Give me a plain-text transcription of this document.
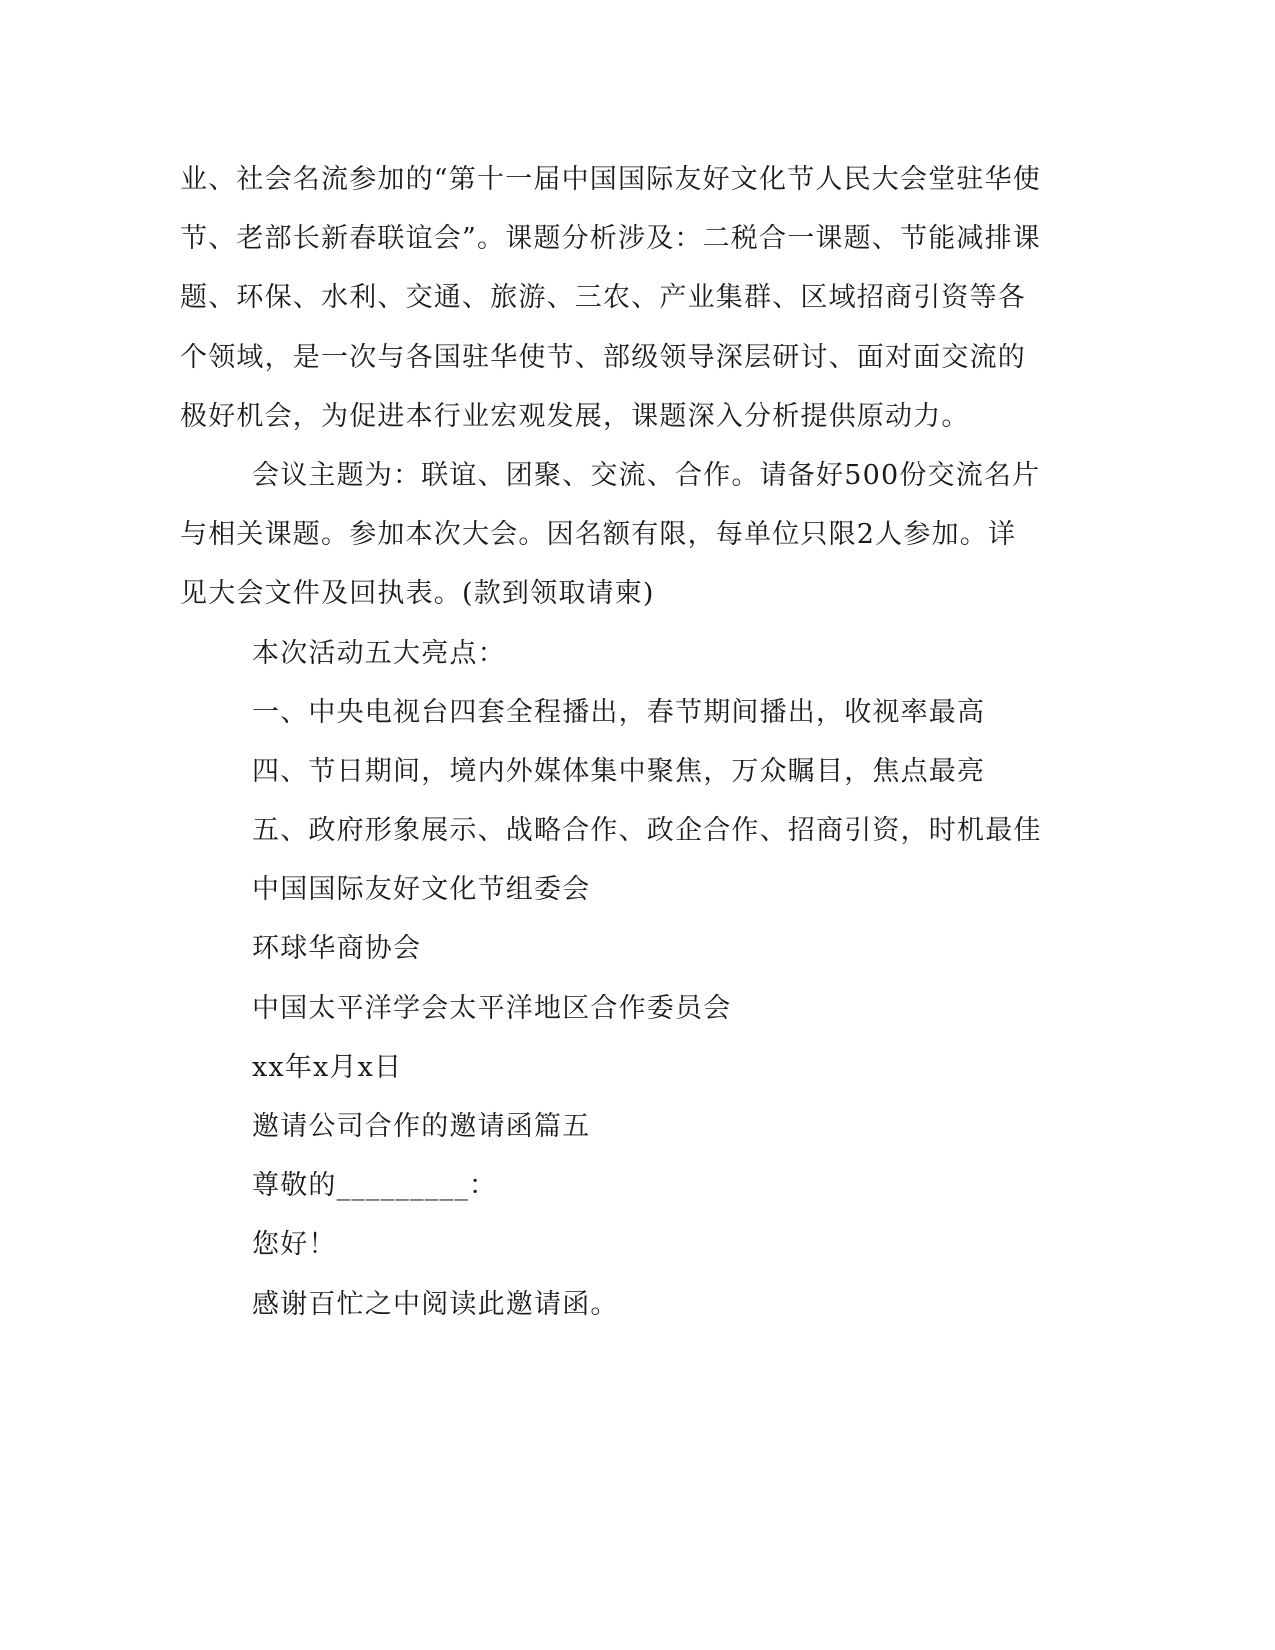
业、社会名流参加的“第十一届中国国际友好文化节人民大会堂驻华使
节、老部长新春联谊会”。课题分析涉及：二税合一课题、节能减排课
题、环保、水利、交通、旅游、三农、产业集群、区域招商引资等各
个领域，是一次与各国驻华使节、部级领导深层研讨、面对面交流的
极好机会，为促进本行业宏观发展，课题深入分析提供原动力。
会议主题为：联谊、团聚、交流、合作。请备好500份交流名片
与相关课题。参加本次大会。因名额有限，每单位只限2人参加。详
见大会文件及回执表。(款到领取请柬)
本次活动五大亮点：
一、中央电视台四套全程播出，春节期间播出，收视率最高
四、节日期间，境内外媒体集中聚焦，万众瞩目，焦点最亮
五、政府形象展示、战略合作、政企合作、招商引资，时机最佳
中国国际友好文化节组委会
环球华商协会
中国太平洋学会太平洋地区合作委员会
xx年x月x日
邀请公司合作的邀请函篇五
尊敬的_________：
您好！
感谢百忙之中阅读此邀请函。
